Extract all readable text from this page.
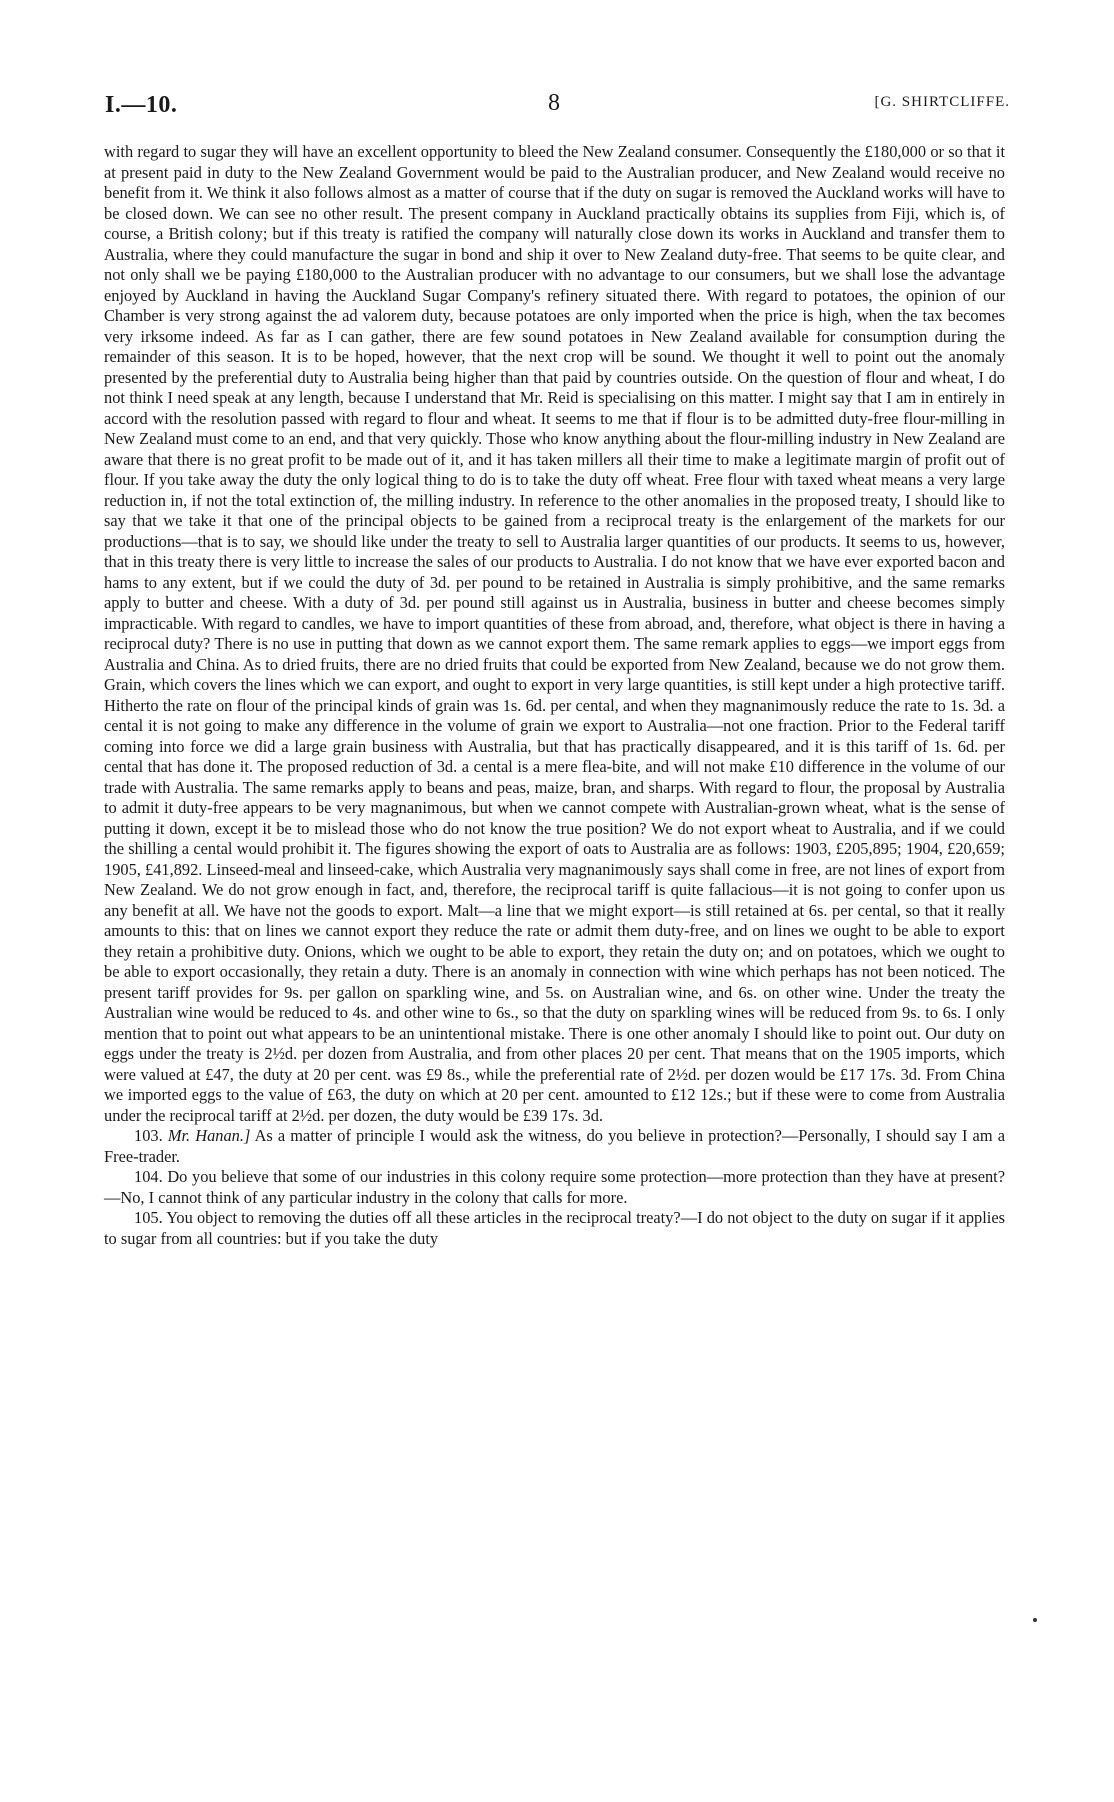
I.—10.	8	[G. SHIRTCLIFFE.

with regard to sugar they will have an excellent opportunity to bleed the New Zealand consumer. Consequently the £180,000 or so that it at present paid in duty to the New Zealand Government would be paid to the Australian producer, and New Zealand would receive no benefit from it. We think it also follows almost as a matter of course that if the duty on sugar is removed the Auckland works will have to be closed down. We can see no other result. The present company in Auckland practically obtains its supplies from Fiji, which is, of course, a British colony; but if this treaty is ratified the company will naturally close down its works in Auckland and transfer them to Australia, where they could manufacture the sugar in bond and ship it over to New Zealand duty-free. That seems to be quite clear, and not only shall we be paying £180,000 to the Australian producer with no advantage to our consumers, but we shall lose the advantage enjoyed by Auckland in having the Auckland Sugar Company's refinery situated there. With regard to potatoes, the opinion of our Chamber is very strong against the ad valorem duty, because potatoes are only imported when the price is high, when the tax becomes very irksome indeed. As far as I can gather, there are few sound potatoes in New Zealand available for consumption during the remainder of this season. It is to be hoped, however, that the next crop will be sound. We thought it well to point out the anomaly presented by the preferential duty to Australia being higher than that paid by countries outside. On the question of flour and wheat, I do not think I need speak at any length, because I understand that Mr. Reid is specialising on this matter. I might say that I am in entirely in accord with the resolution passed with regard to flour and wheat. It seems to me that if flour is to be admitted duty-free flour-milling in New Zealand must come to an end, and that very quickly. Those who know anything about the flour-milling industry in New Zealand are aware that there is no great profit to be made out of it, and it has taken millers all their time to make a legitimate margin of profit out of flour. If you take away the duty the only logical thing to do is to take the duty off wheat. Free flour with taxed wheat means a very large reduction in, if not the total extinction of, the milling industry. In reference to the other anomalies in the proposed treaty, I should like to say that we take it that one of the principal objects to be gained from a reciprocal treaty is the enlargement of the markets for our productions—that is to say, we should like under the treaty to sell to Australia larger quantities of our products. It seems to us, however, that in this treaty there is very little to increase the sales of our products to Australia. I do not know that we have ever exported bacon and hams to any extent, but if we could the duty of 3d. per pound to be retained in Australia is simply prohibitive, and the same remarks apply to butter and cheese. With a duty of 3d. per pound still against us in Australia, business in butter and cheese becomes simply impracticable. With regard to candles, we have to import quantities of these from abroad, and, therefore, what object is there in having a reciprocal duty? There is no use in putting that down as we cannot export them. The same remark applies to eggs—we import eggs from Australia and China. As to dried fruits, there are no dried fruits that could be exported from New Zealand, because we do not grow them. Grain, which covers the lines which we can export, and ought to export in very large quantities, is still kept under a high protective tariff. Hitherto the rate on flour of the principal kinds of grain was 1s. 6d. per cental, and when they magnanimously reduce the rate to 1s. 3d. a cental it is not going to make any difference in the volume of grain we export to Australia—not one fraction. Prior to the Federal tariff coming into force we did a large grain business with Australia, but that has practically disappeared, and it is this tariff of 1s. 6d. per cental that has done it. The proposed reduction of 3d. a cental is a mere flea-bite, and will not make £10 difference in the volume of our trade with Australia. The same remarks apply to beans and peas, maize, bran, and sharps. With regard to flour, the proposal by Australia to admit it duty-free appears to be very magnanimous, but when we cannot compete with Australian-grown wheat, what is the sense of putting it down, except it be to mislead those who do not know the true position? We do not export wheat to Australia, and if we could the shilling a cental would prohibit it. The figures showing the export of oats to Australia are as follows: 1903, £205,895; 1904, £20,659; 1905, £41,892. Linseed-meal and linseed-cake, which Australia very magnanimously says shall come in free, are not lines of export from New Zealand. We do not grow enough in fact, and, therefore, the reciprocal tariff is quite fallacious—it is not going to confer upon us any benefit at all. We have not the goods to export. Malt—a line that we might export—is still retained at 6s. per cental, so that it really amounts to this: that on lines we cannot export they reduce the rate or admit them duty-free, and on lines we ought to be able to export they retain a prohibitive duty. Onions, which we ought to be able to export, they retain the duty on; and on potatoes, which we ought to be able to export occasionally, they retain a duty. There is an anomaly in connection with wine which perhaps has not been noticed. The present tariff provides for 9s. per gallon on sparkling wine, and 5s. on Australian wine, and 6s. on other wine. Under the treaty the Australian wine would be reduced to 4s. and other wine to 6s., so that the duty on sparkling wines will be reduced from 9s. to 6s. I only mention that to point out what appears to be an unintentional mistake. There is one other anomaly I should like to point out. Our duty on eggs under the treaty is 2½d. per dozen from Australia, and from other places 20 per cent. That means that on the 1905 imports, which were valued at £47, the duty at 20 per cent. was £9 8s., while the preferential rate of 2½d. per dozen would be £17 17s. 3d. From China we imported eggs to the value of £63, the duty on which at 20 per cent. amounted to £12 12s.; but if these were to come from Australia under the reciprocal tariff at 2½d. per dozen, the duty would be £39 17s. 3d.

103. Mr. Hanan.] As a matter of principle I would ask the witness, do you believe in protection?—Personally, I should say I am a Free-trader.

104. Do you believe that some of our industries in this colony require some protection—more protection than they have at present?—No, I cannot think of any particular industry in the colony that calls for more.

105. You object to removing the duties off all these articles in the reciprocal treaty?—I do not object to the duty on sugar if it applies to sugar from all countries: but if you take the duty
